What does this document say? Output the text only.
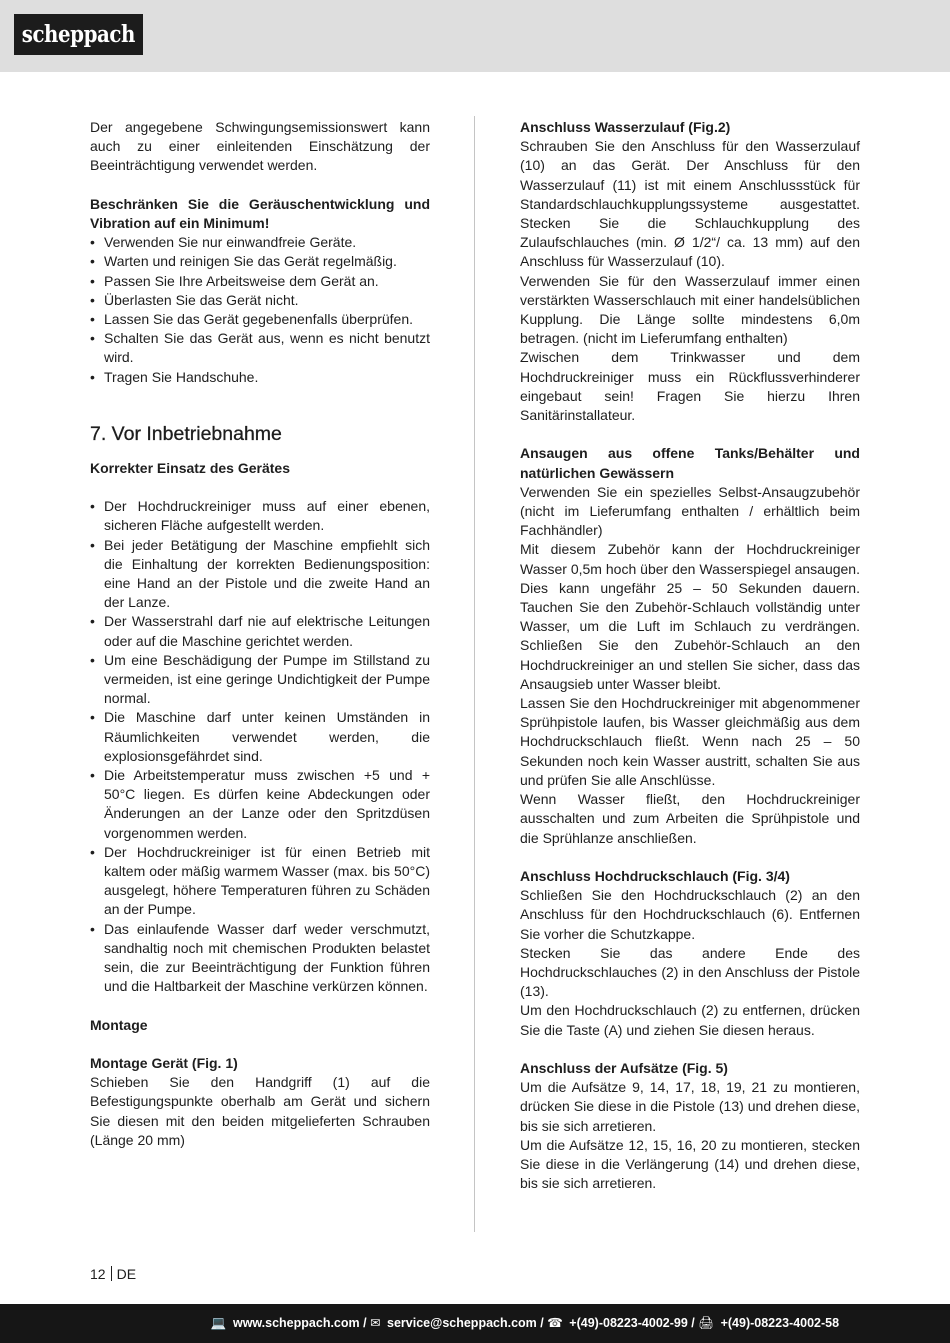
scheppach

Der angegebene Schwingungsemissionswert kann auch zu einer einleitenden Einschätzung der Beeinträchtigung verwendet werden.

Beschränken Sie die Geräuschentwicklung und Vibration auf ein Minimum!

• Verwenden Sie nur einwandfreie Geräte.
• Warten und reinigen Sie das Gerät regelmäßig.
• Passen Sie Ihre Arbeitsweise dem Gerät an.
• Überlasten Sie das Gerät nicht.
• Lassen Sie das Gerät gegebenenfalls überprüfen.
• Schalten Sie das Gerät aus, wenn es nicht benutzt wird.
• Tragen Sie Handschuhe.
7. Vor Inbetriebnahme

Korrekter Einsatz des Gerätes

• Der Hochdruckreiniger muss auf einer ebenen, sicheren Fläche aufgestellt werden.
• Bei jeder Betätigung der Maschine empfiehlt sich die Einhaltung der korrekten Bedienungsposition: eine Hand an der Pistole und die zweite Hand an der Lanze.
• Der Wasserstrahl darf nie auf elektrische Leitungen oder auf die Maschine gerichtet werden.
• Um eine Beschädigung der Pumpe im Stillstand zu vermeiden, ist eine geringe Undichtigkeit der Pumpe normal.
• Die Maschine darf unter keinen Umständen in Räumlichkeiten verwendet werden, die explosionsgefährdet sind.
• Die Arbeitstemperatur muss zwischen +5 und + 50°C liegen. Es dürfen keine Abdeckungen oder Änderungen an der Lanze oder den Spritzdüsen vorgenommen werden.
• Der Hochdruckreiniger ist für einen Betrieb mit kaltem oder mäßig warmem Wasser (max. bis 50°C) ausgelegt, höhere Temperaturen führen zu Schäden an der Pumpe.
• Das einlaufende Wasser darf weder verschmutzt, sandhaltig noch mit chemischen Produkten belastet sein, die zur Beeinträchtigung der Funktion führen und die Haltbarkeit der Maschine verkürzen können.

Montage

Montage Gerät (Fig. 1)

Schieben Sie den Handgriff (1) auf die Befestigungspunkte oberhalb am Gerät und sichern Sie diesen mit den beiden mitgelieferten Schrauben (Länge 20 mm)

Anschluss Wasserzulauf (Fig.2)

Schrauben Sie den Anschluss für den Wasserzulauf (10) an das Gerät. Der Anschluss für den Wasserzulauf (11) ist mit einem Anschlussstück für Standardschlauchkupplungssysteme ausgestattet. Stecken Sie die Schlauchkupplung des Zulaufschlauches (min. Ø 1/2“/ ca. 13 mm) auf den Anschluss für Wasserzulauf (10).

Verwenden Sie für den Wasserzulauf immer einen verstärkten Wasserschlauch mit einer handelsüblichen Kupplung. Die Länge sollte mindestens 6,0m betragen. (nicht im Lieferumfang enthalten)

Zwischen dem Trinkwasser und dem Hochdruckreiniger muss ein Rückflussverhinderer eingebaut sein! Fragen Sie hierzu Ihren Sanitärinstallateur.

Ansaugen aus offene Tanks/Behälter und natürlichen Gewässern

Verwenden Sie ein spezielles Selbst-Ansaugzubehör (nicht im Lieferumfang enthalten / erhältlich beim Fachhändler)

Mit diesem Zubehör kann der Hochdruckreiniger Wasser 0,5m hoch über den Wasserspiegel ansaugen. Dies kann ungefähr 25 – 50 Sekunden dauern. Tauchen Sie den Zubehör-Schlauch vollständig unter Wasser, um die Luft im Schlauch zu verdrängen. Schließen Sie den Zubehör-Schlauch an den Hochdruckreiniger an und stellen Sie sicher, dass das Ansaugsieb unter Wasser bleibt.

Lassen Sie den Hochdruckreiniger mit abgenommener Sprühpistole laufen, bis Wasser gleichmäßig aus dem Hochdruckschlauch fließt. Wenn nach 25 – 50 Sekunden noch kein Wasser austritt, schalten Sie aus und prüfen Sie alle Anschlüsse.

Wenn Wasser fließt, den Hochdruckreiniger ausschalten und zum Arbeiten die Sprühpistole und die Sprühlanze anschließen.

Anschluss Hochdruckschlauch (Fig. 3/4)

Schließen Sie den Hochdruckschlauch (2) an den Anschluss für den Hochdruckschlauch (6). Entfernen Sie vorher die Schutzkappe.

Stecken Sie das andere Ende des Hochdruckschlauches (2) in den Anschluss der Pistole (13).

Um den Hochdruckschlauch (2) zu entfernen, drücken Sie die Taste (A) und ziehen Sie diesen heraus.

Anschluss der Aufsätze (Fig. 5)

Um die Aufsätze 9, 14, 17, 18, 19, 21 zu montieren, drücken Sie diese in die Pistole (13) und drehen diese, bis sie sich arretieren.

Um die Aufsätze 12, 15, 16, 20 zu montieren, stecken Sie diese in die Verlängerung (14) und drehen diese, bis sie sich arretieren.

12 DE
💻 www.scheppach.com / ✉ service@scheppach.com / ☎ +(49)-08223-4002-99 / 🖨 +(49)-08223-4002-58
